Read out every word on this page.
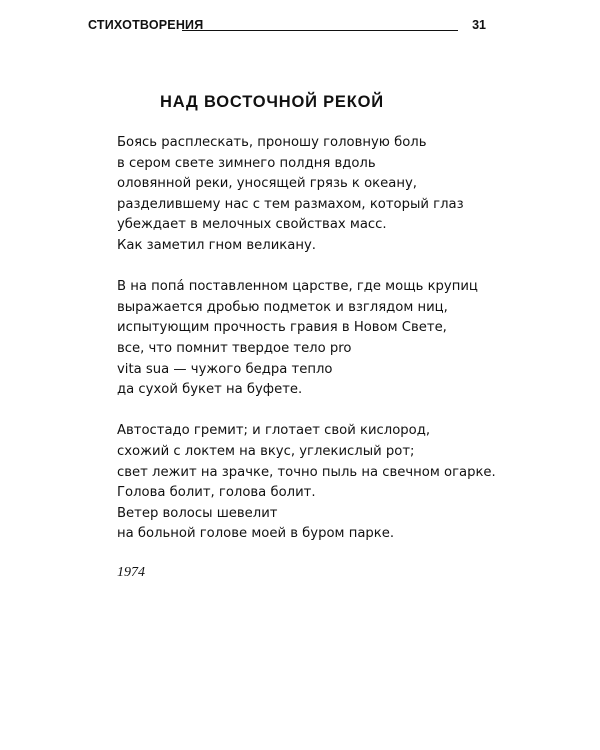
СТИХОТВОРЕНИЯ	31
НАД ВОСТОЧНОЙ РЕКОЙ
Боясь расплескать, проношу головную боль
в сером свете зимнего полдня вдоль
оловянной реки, уносящей грязь к океану,
разделившему нас с тем размахом, который глаз
убеждает в мелочных свойствах масс.
Как заметил гном великану.
В на попá поставленном царстве, где мощь крупиц
выражается дробью подметок и взглядом ниц,
испытующим прочность гравия в Новом Свете,
все, что помнит твердое тело pro
vita sua — чужого бедра тепло
да сухой букет на буфете.
Автостадо гремит; и глотает свой кислород,
схожий с локтем на вкус, углекислый рот;
свет лежит на зрачке, точно пыль на свечном огарке.
Голова болит, голова болит.
Ветер волосы шевелит
на больной голове моей в буром парке.
1974
